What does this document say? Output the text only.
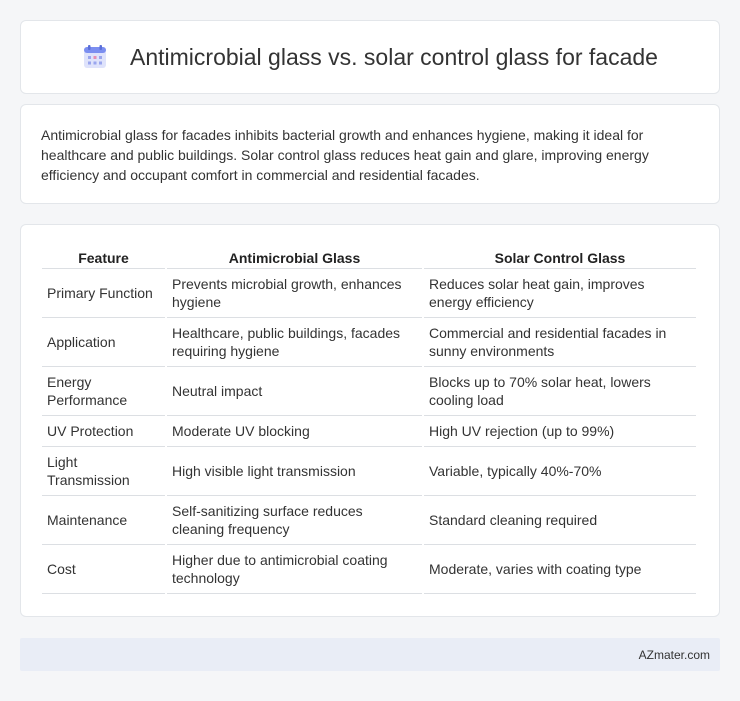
Antimicrobial glass vs. solar control glass for facade

Antimicrobial glass for facades inhibits bacterial growth and enhances hygiene, making it ideal for healthcare and public buildings. Solar control glass reduces heat gain and glare, improving energy efficiency and occupant comfort in commercial and residential facades.

Feature	Antimicrobial Glass	Solar Control Glass
Primary Function	Prevents microbial growth, enhances hygiene	Reduces solar heat gain, improves energy efficiency
Application	Healthcare, public buildings, facades requiring hygiene	Commercial and residential facades in sunny environments
Energy Performance	Neutral impact	Blocks up to 70% solar heat, lowers cooling load
UV Protection	Moderate UV blocking	High UV rejection (up to 99%)
Light Transmission	High visible light transmission	Variable, typically 40%-70%
Maintenance	Self-sanitizing surface reduces cleaning frequency	Standard cleaning required
Cost	Higher due to antimicrobial coating technology	Moderate, varies with coating type
AZmater.com
